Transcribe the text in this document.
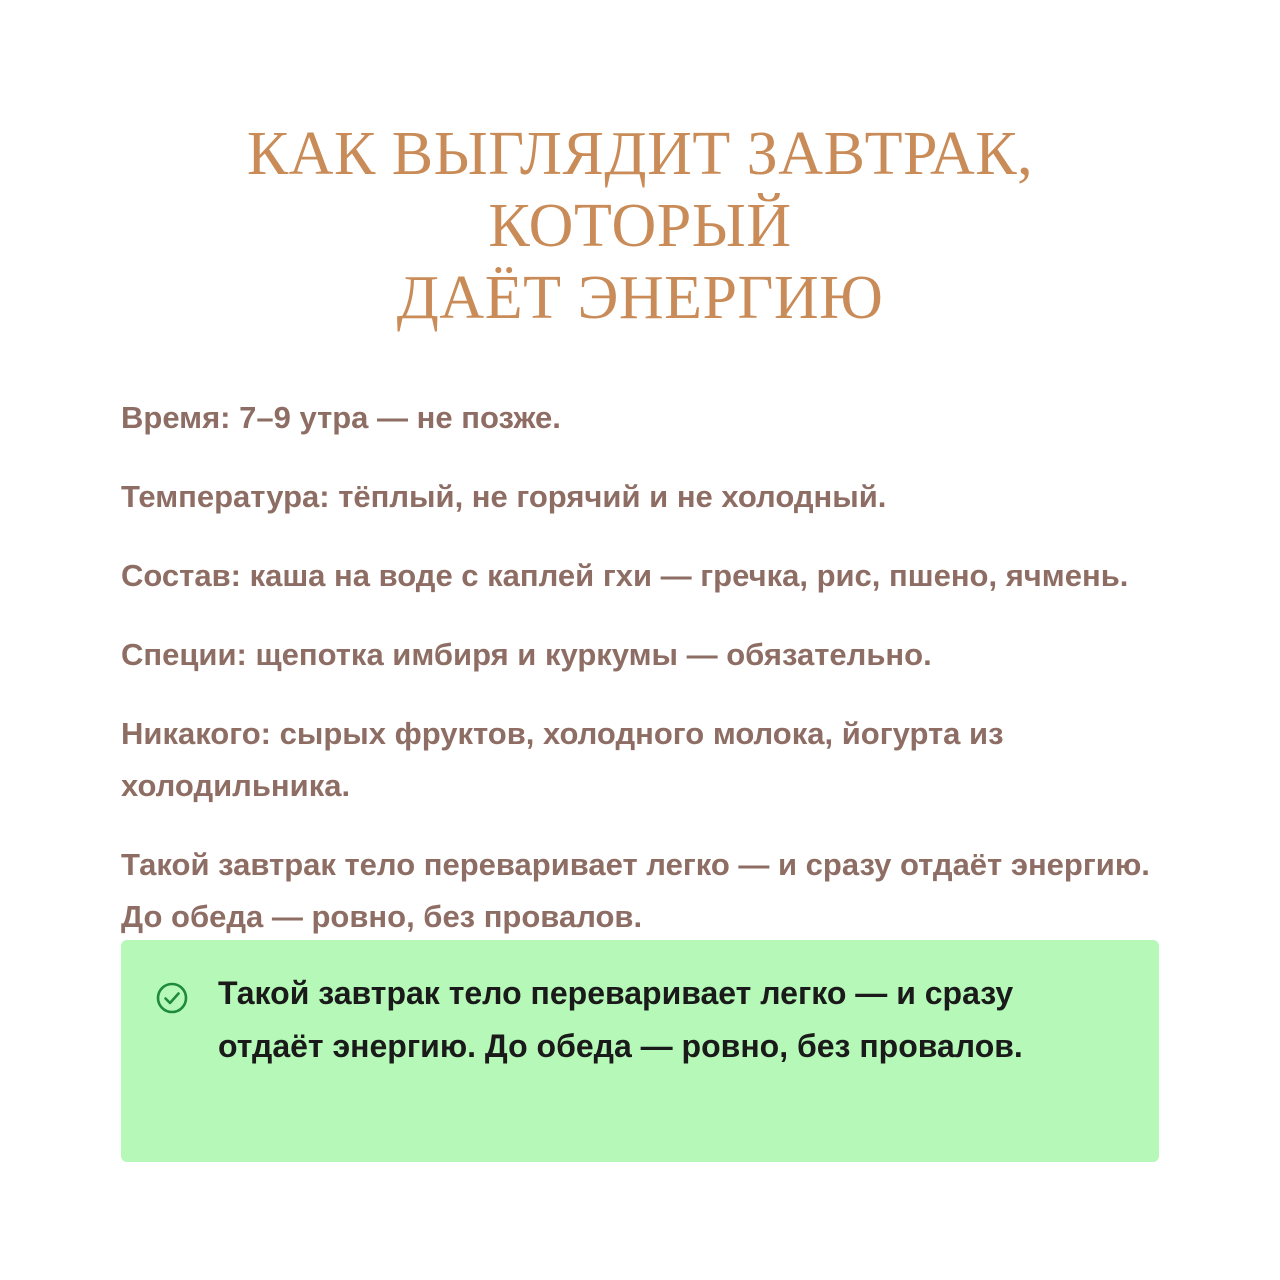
КАК ВЫГЛЯДИТ ЗАВТРАК, КОТОРЫЙ
ДАЁТ ЭНЕРГИЮ

Время: 7–9 утра — не позже.

Температура: тёплый, не горячий и не холодный.

Состав: каша на воде с каплей гхи — гречка, рис, пшено, ячмень.

Специи: щепотка имбиря и куркумы — обязательно.

Никакого: сырых фруктов, холодного молока, йогурта из холодильника.

Такой завтрак тело переваривает легко — и сразу отдаёт энергию. До обеда — ровно, без провалов.

Такой завтрак тело переваривает легко — и сразу отдаёт энергию. До обеда — ровно, без провалов.
